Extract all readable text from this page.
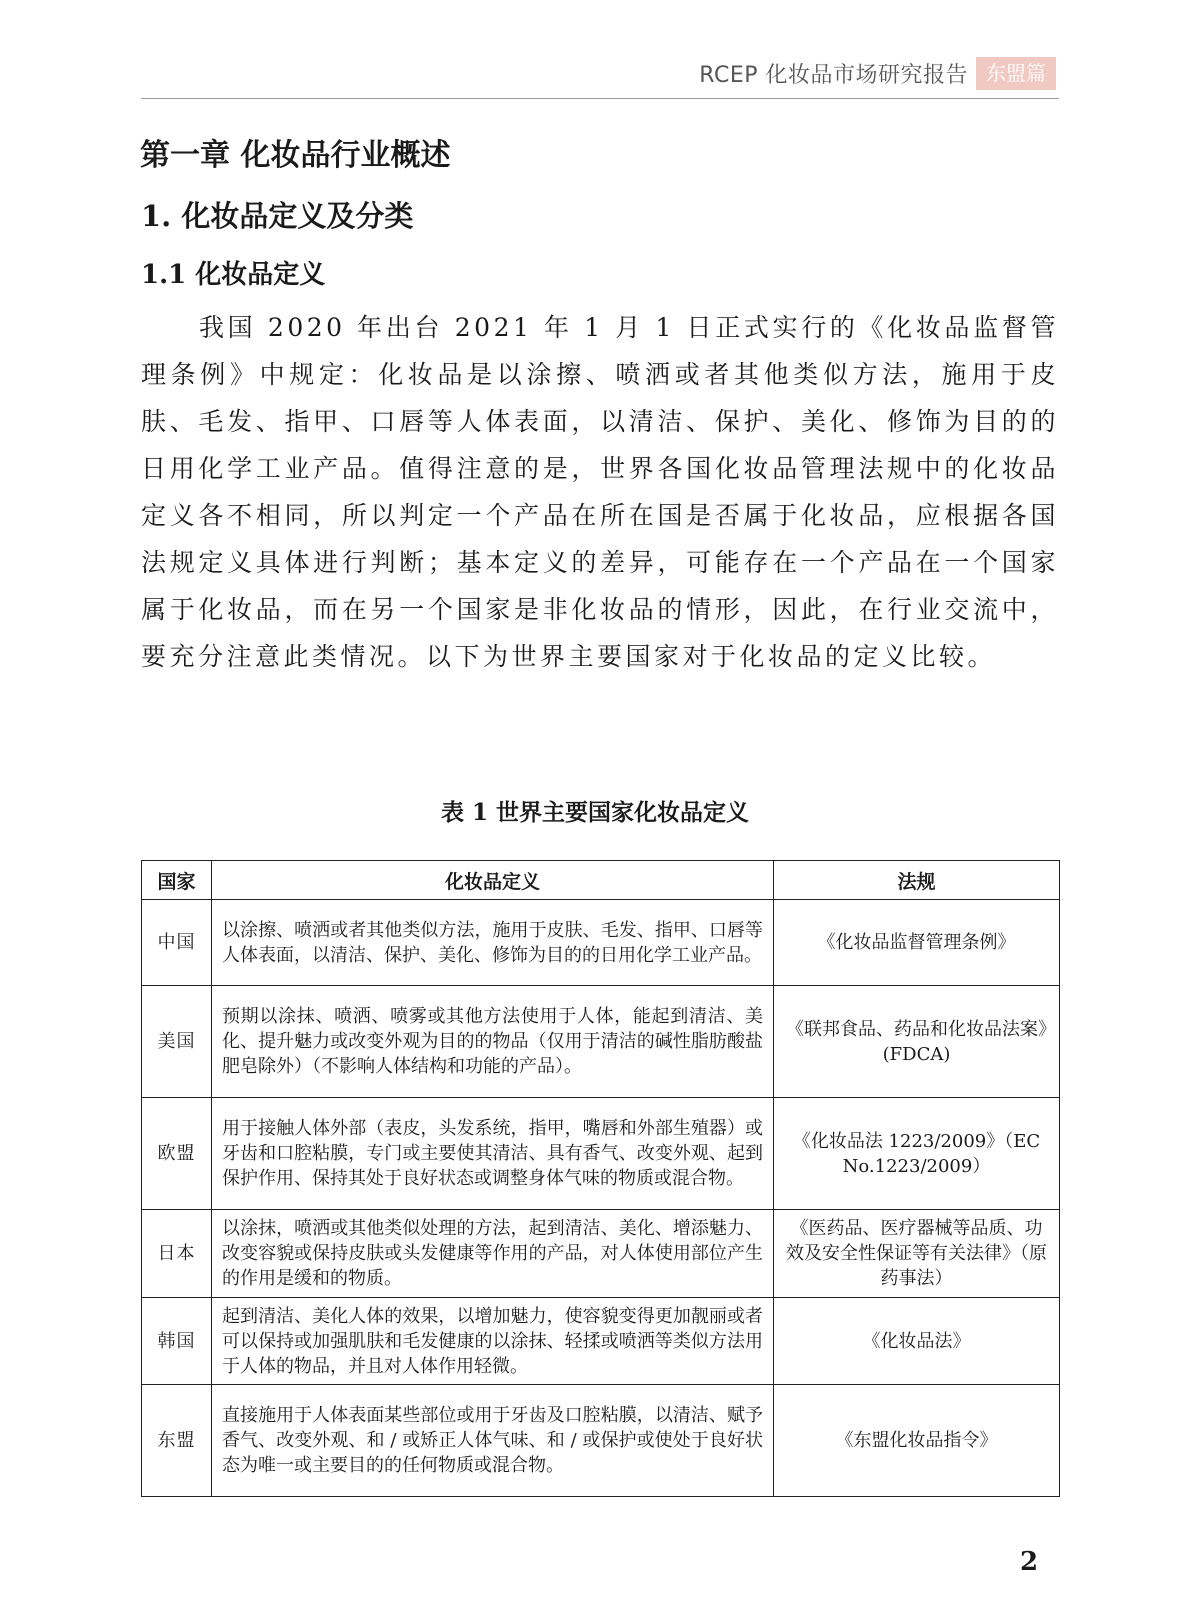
RCEP 化妆品市场研究报告 东盟篇
第一章 化妆品行业概述
1. 化妆品定义及分类
1.1 化妆品定义

我国 2020 年出台 2021 年 1 月 1 日正式实行的《化妆品监督管理条例》中规定：化妆品是以涂擦、喷洒或者其他类似方法，施用于皮肤、毛发、指甲、口唇等人体表面，以清洁、保护、美化、修饰为目的的日用化学工业产品。值得注意的是，世界各国化妆品管理法规中的化妆品定义各不相同，所以判定一个产品在所在国是否属于化妆品，应根据各国法规定义具体进行判断；基本定义的差异，可能存在一个产品在一个国家属于化妆品，而在另一个国家是非化妆品的情形，因此，在行业交流中，要充分注意此类情况。以下为世界主要国家对于化妆品的定义比较。

表 1 世界主要国家化妆品定义
国家	化妆品定义	法规
中国	以涂擦、喷洒或者其他类似方法，施用于皮肤、毛发、指甲、口唇等人体表面，以清洁、保护、美化、修饰为目的的日用化学工业产品。	《化妆品监督管理条例》
美国	预期以涂抹、喷洒、喷雾或其他方法使用于人体，能起到清洁、美化、提升魅力或改变外观为目的的物品（仅用于清洁的碱性脂肪酸盐肥皂除外）（不影响人体结构和功能的产品）。	《联邦食品、药品和化妆品法案》(FDCA)
欧盟	用于接触人体外部（表皮，头发系统，指甲，嘴唇和外部生殖器）或牙齿和口腔粘膜，专门或主要使其清洁、具有香气、改变外观、起到保护作用、保持其处于良好状态或调整身体气味的物质或混合物。	《化妆品法 1223/2009》（EC No.1223/2009）
日本	以涂抹，喷洒或其他类似处理的方法，起到清洁、美化、增添魅力、改变容貌或保持皮肤或头发健康等作用的产品，对人体使用部位产生的作用是缓和的物质。	《医药品、医疗器械等品质、功效及安全性保证等有关法律》（原药事法）
韩国	起到清洁、美化人体的效果，以增加魅力，使容貌变得更加靓丽或者可以保持或加强肌肤和毛发健康的以涂抹、轻揉或喷洒等类似方法用于人体的物品，并且对人体作用轻微。	《化妆品法》
东盟	直接施用于人体表面某些部位或用于牙齿及口腔粘膜，以清洁、赋予香气、改变外观、和 / 或矫正人体气味、和 / 或保护或使处于良好状态为唯一或主要目的的任何物质或混合物。	《东盟化妆品指令》
2
